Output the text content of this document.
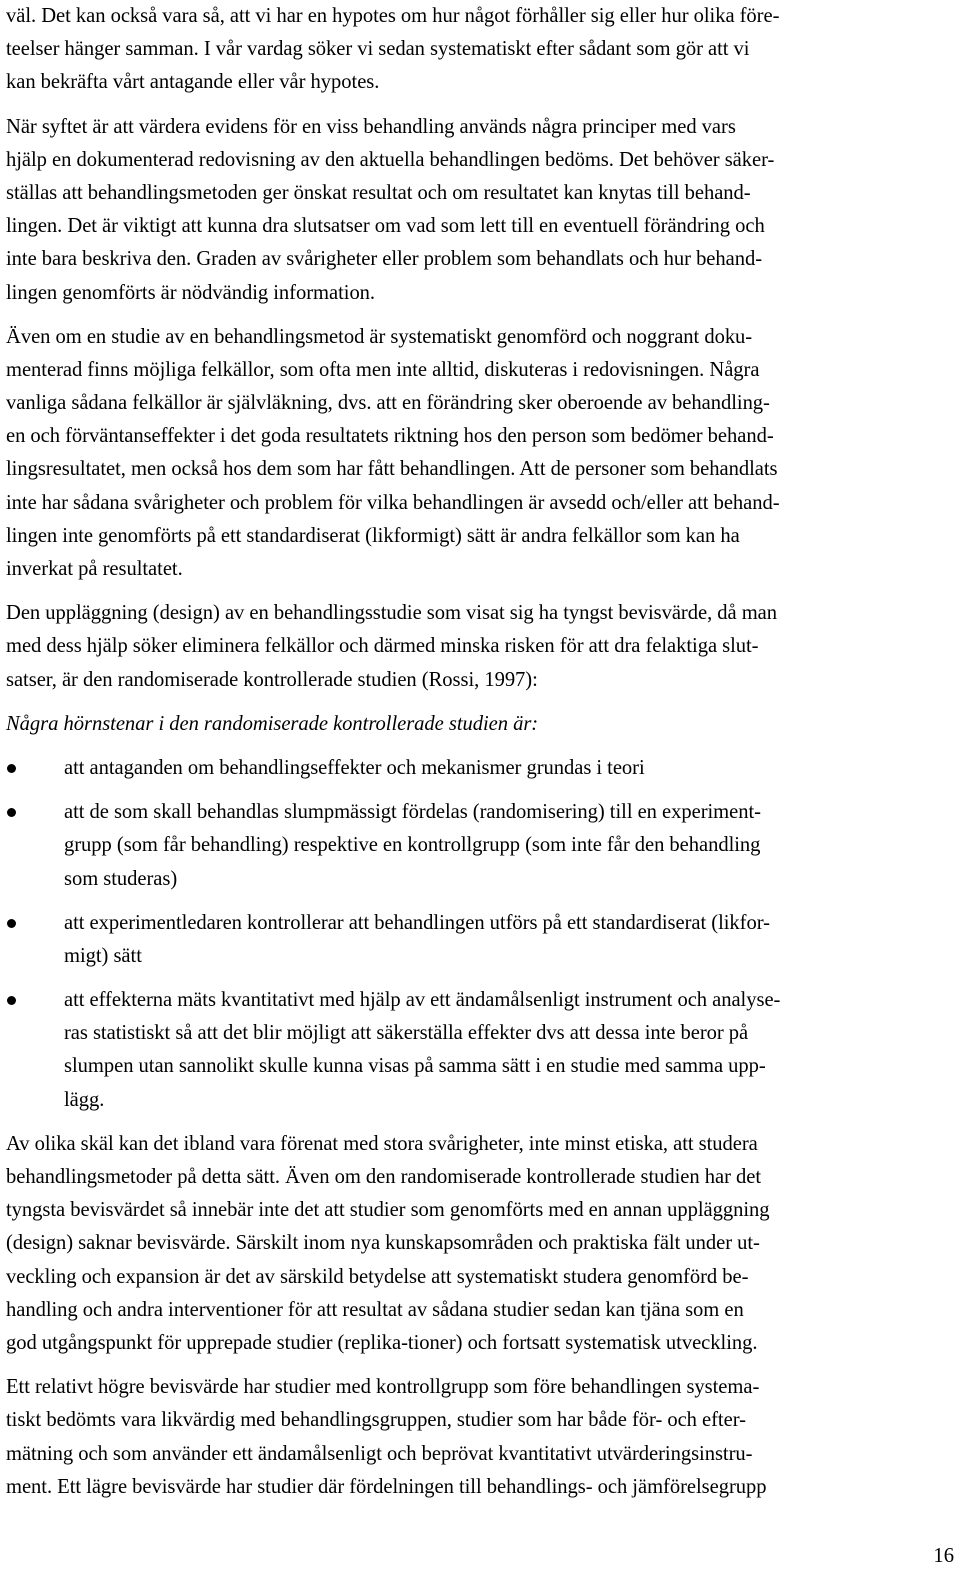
väl. Det kan också vara så, att vi har en hypotes om hur något förhåller sig eller hur olika före-
teelser hänger samman. I vår vardag söker vi sedan systematiskt efter sådant som gör att vi
kan bekräfta vårt antagande eller vår hypotes.
När syftet är att värdera evidens för en viss behandling används några principer med vars
hjälp en dokumenterad redovisning av den aktuella behandlingen bedöms. Det behöver säker-
ställas att behandlingsmetoden ger önskat resultat och om resultatet kan knytas till behand-
lingen. Det är viktigt att kunna dra slutsatser om vad som lett till en eventuell förändring och
inte bara beskriva den. Graden av svårigheter eller problem som behandlats och hur behand-
lingen genomförts är nödvändig information.
Även om en studie av en behandlingsmetod är systematiskt genomförd och noggrant doku-
menterad finns möjliga felkällor, som ofta men inte alltid, diskuteras i redovisningen. Några
vanliga sådana felkällor är självläkning, dvs. att en förändring sker oberoende av behandling-
en och förväntanseffekter i det goda resultatets riktning hos den person som bedömer behand-
lingsresultatet, men också hos dem som har fått behandlingen. Att de personer som behandlats
inte har sådana svårigheter och problem för vilka behandlingen är avsedd och/eller att behand-
lingen inte genomförts på ett standardiserat (likformigt) sätt är andra felkällor som kan ha
inverkat på resultatet.
Den uppläggning (design) av en behandlingsstudie som visat sig ha tyngst bevisvärde, då man
med dess hjälp söker eliminera felkällor och därmed minska risken för att dra felaktiga slut-
satser, är den randomiserade kontrollerade studien (Rossi, 1997):
Några hörnstenar i den randomiserade kontrollerade studien är:
att antaganden om behandlingseffekter och mekanismer grundas i teori
att de som skall behandlas slumpmässigt fördelas (randomisering) till en experiment-
grupp (som får behandling) respektive en kontrollgrupp (som inte får den behandling
som studeras)
att experimentledaren kontrollerar att behandlingen utförs på ett standardiserat (likfor-
migt) sätt
att effekterna mäts kvantitativt med hjälp av ett ändamålsenligt instrument och analyse-
ras statistiskt så att det blir möjligt att säkerställa effekter dvs att dessa inte beror på
slumpen utan sannolikt skulle kunna visas på samma sätt i en studie med samma upp-
lägg.
Av olika skäl kan det ibland vara förenat med stora svårigheter, inte minst etiska, att studera
behandlingsmetoder på detta sätt. Även om den randomiserade kontrollerade studien har det
tyngsta bevisvärdet så innebär inte det att studier som genomförts med en annan uppläggning
(design) saknar bevisvärde. Särskilt inom nya kunskapsområden och praktiska fält under ut-
veckling och expansion är det av särskild betydelse att systematiskt studera genomförd be-
handling och andra interventioner för att resultat av sådana studier sedan kan tjäna som en
god utgångspunkt för upprepade studier (replika-tioner) och fortsatt systematisk utveckling.
Ett relativt högre bevisvärde har studier med kontrollgrupp som före behandlingen systema-
tiskt bedömts vara likvärdig med behandlingsgruppen, studier som har både för- och efter-
mätning och som använder ett ändamålsenligt och beprövat kvantitativt utvärderingsinstru-
ment. Ett lägre bevisvärde har studier där fördelningen till behandlings- och jämförelsegrupp
16
